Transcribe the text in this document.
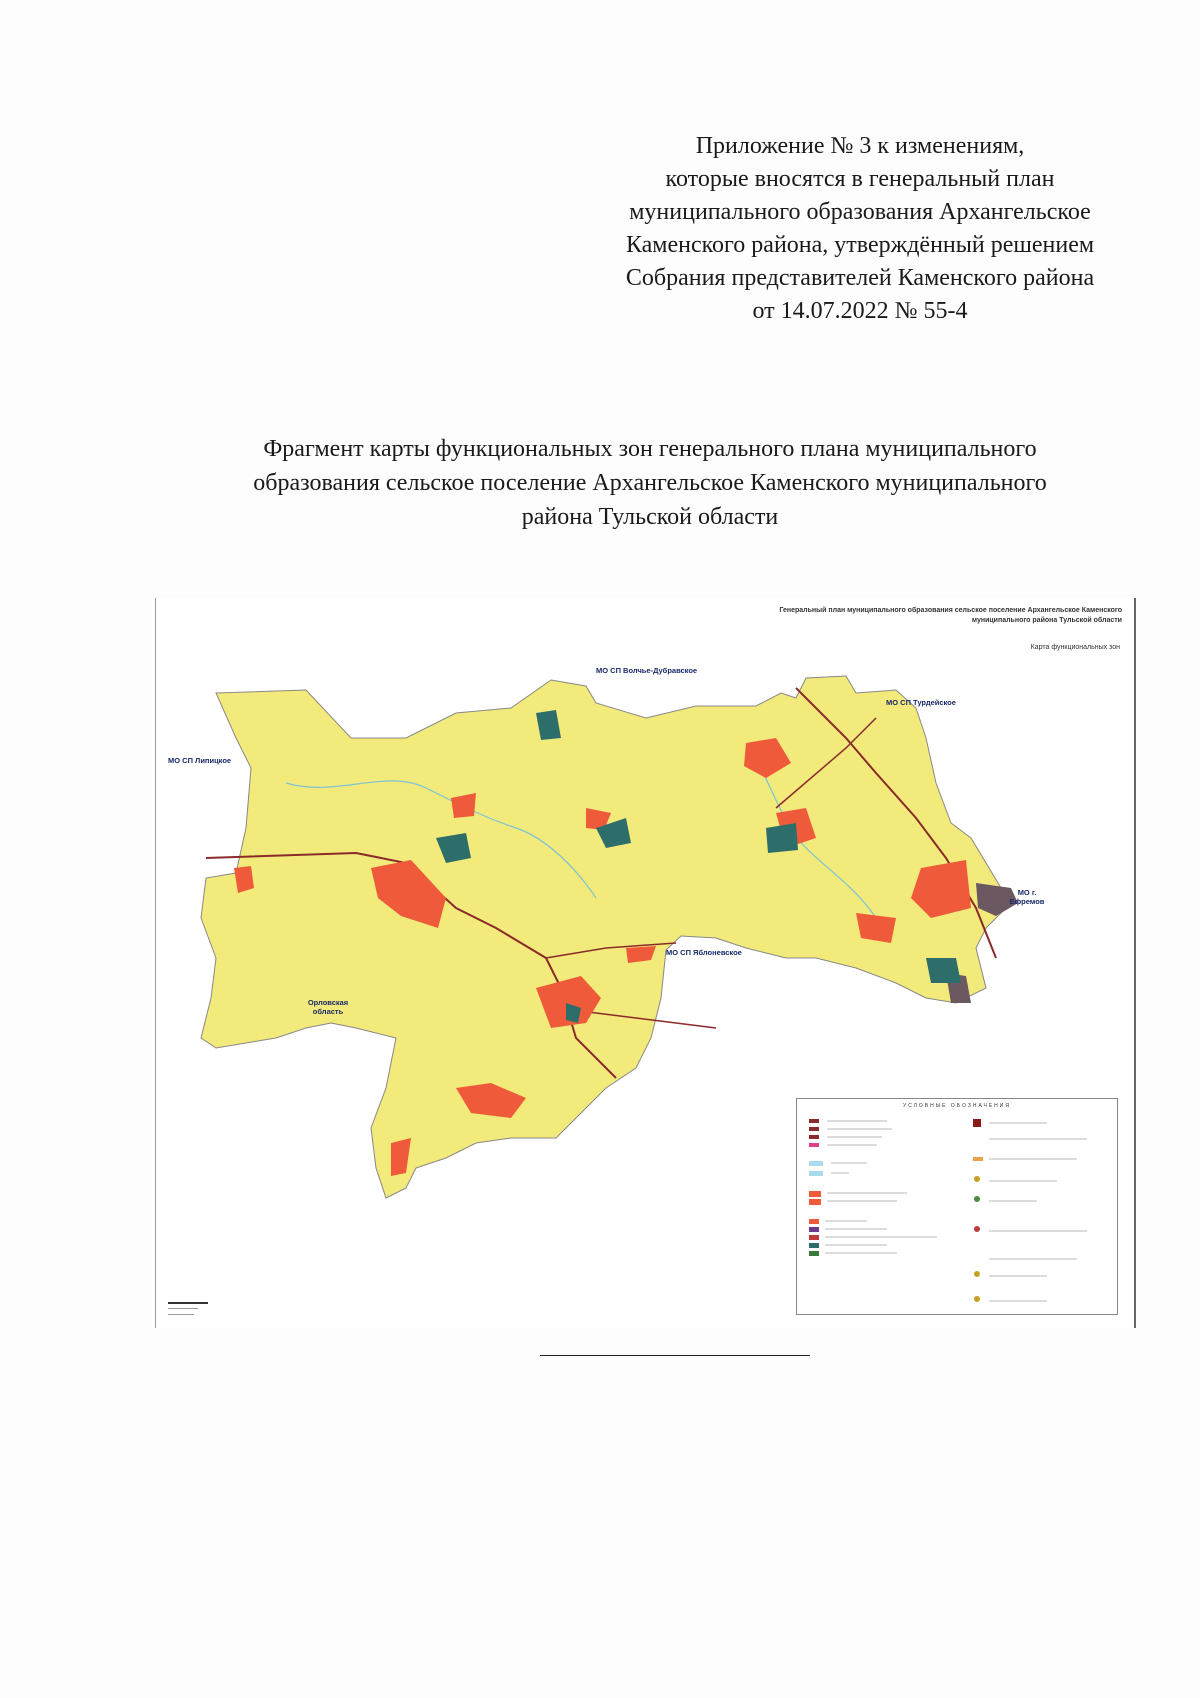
Приложение № 3 к изменениям,
которые вносятся в генеральный план
муниципального образования Архангельское
Каменского района, утверждённый решением
Собрания представителей Каменского района
от 14.07.2022 № 55-4
Фрагмент карты функциональных зон генерального плана муниципального
образования сельское поселение Архангельское Каменского муниципального
района Тульской области
Генеральный план муниципального образования сельское поселение Архангельское Каменского муниципального района Тульской области
Карта функциональных зон
МО СП Волчье-Дубравское
МО СП Турдейское
МО СП Липицкое
МО г. Ефремов
МО СП Яблоневское
Орловская область
УСЛОВНЫЕ ОБОЗНАЧЕНИЯ
